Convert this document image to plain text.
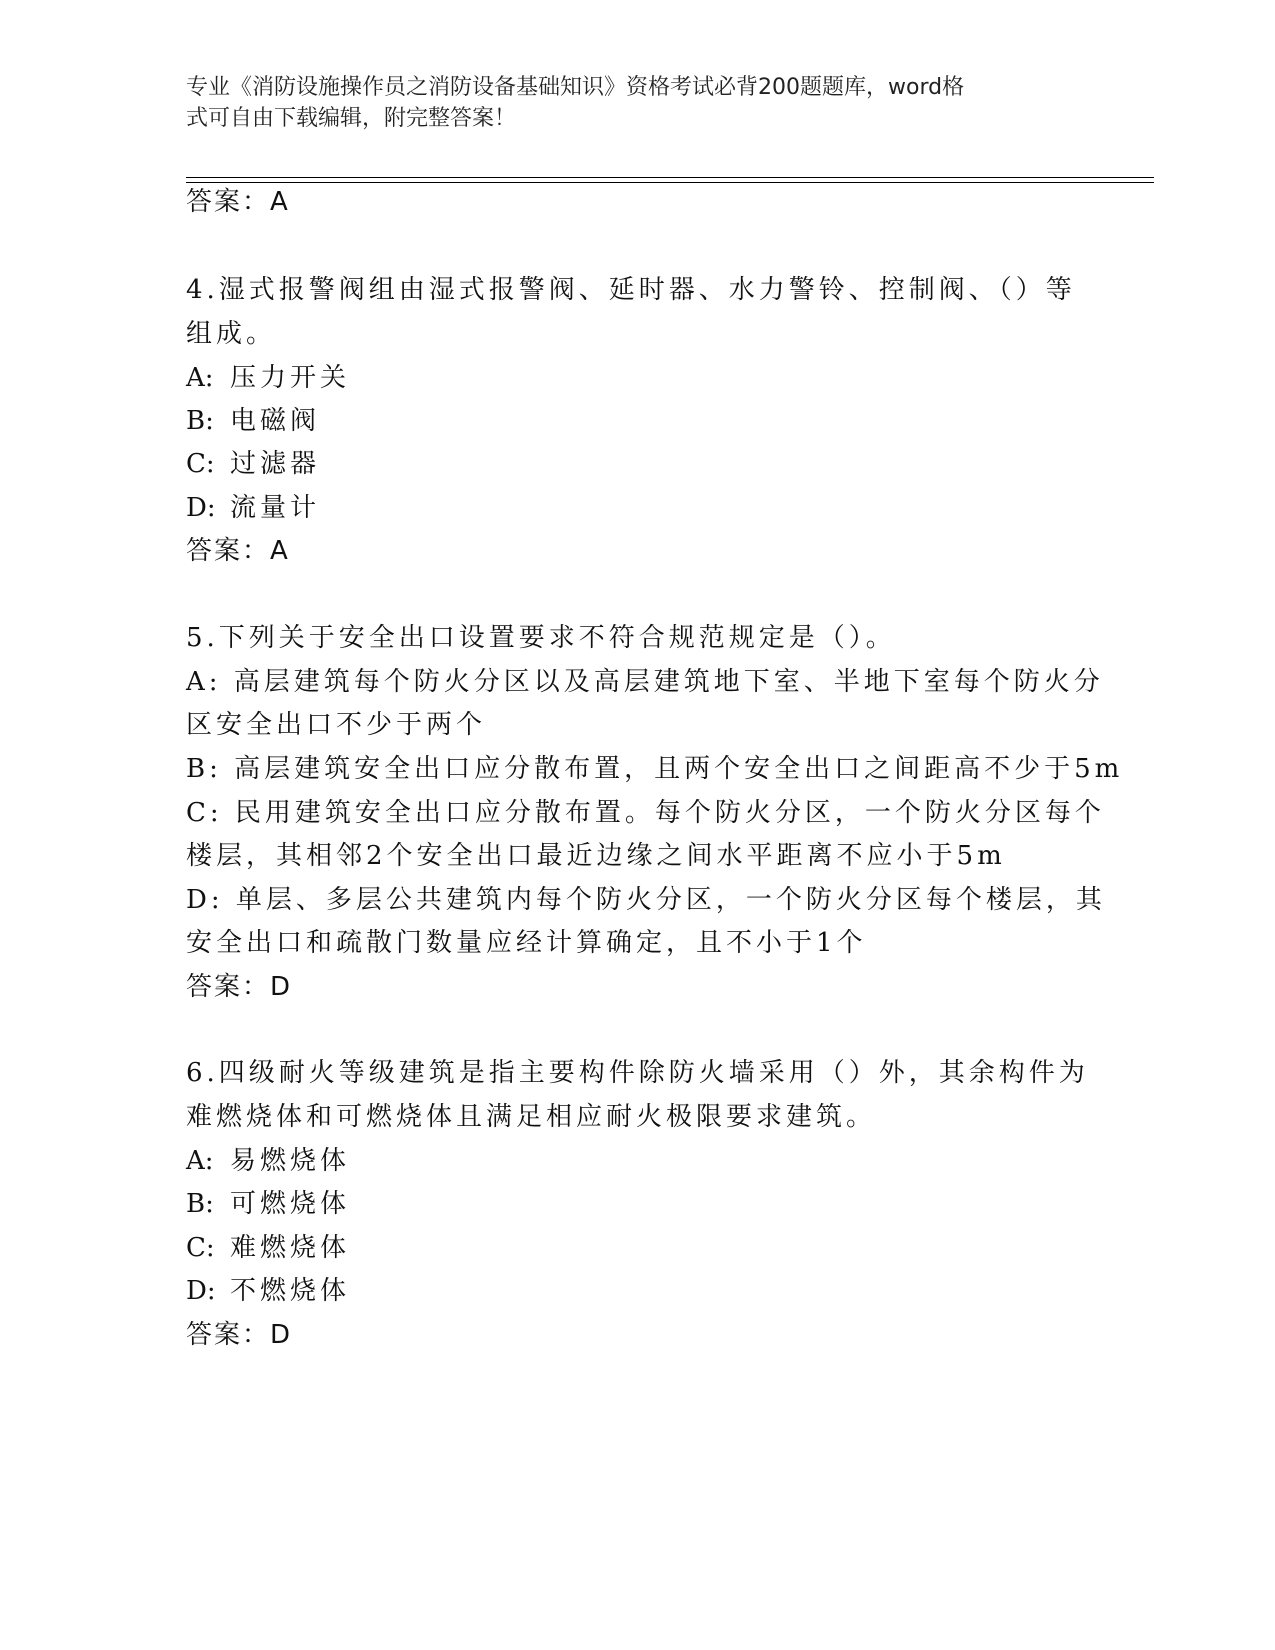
专业《消防设施操作员之消防设备基础知识》资格考试必背200题题库，word格
式可自由下载编辑，附完整答案！
答案：A
4.湿式报警阀组由湿式报警阀、延时器、水力警铃、控制阀、（）等
组成。
A: 压力开关
B: 电磁阀
C: 过滤器
D: 流量计
答案：A
5.下列关于安全出口设置要求不符合规范规定是（）。
A: 高层建筑每个防火分区以及高层建筑地下室、半地下室每个防火分
区安全出口不少于两个
B: 高层建筑安全出口应分散布置，且两个安全出口之间距高不少于5m
C: 民用建筑安全出口应分散布置。每个防火分区，一个防火分区每个
楼层，其相邻2个安全出口最近边缘之间水平距离不应小于5m
D: 单层、多层公共建筑内每个防火分区，一个防火分区每个楼层，其
安全出口和疏散门数量应经计算确定，且不小于1个
答案：D
6.四级耐火等级建筑是指主要构件除防火墙采用（）外，其余构件为
难燃烧体和可燃烧体且满足相应耐火极限要求建筑。
A: 易燃烧体
B: 可燃烧体
C: 难燃烧体
D: 不燃烧体
答案：D
